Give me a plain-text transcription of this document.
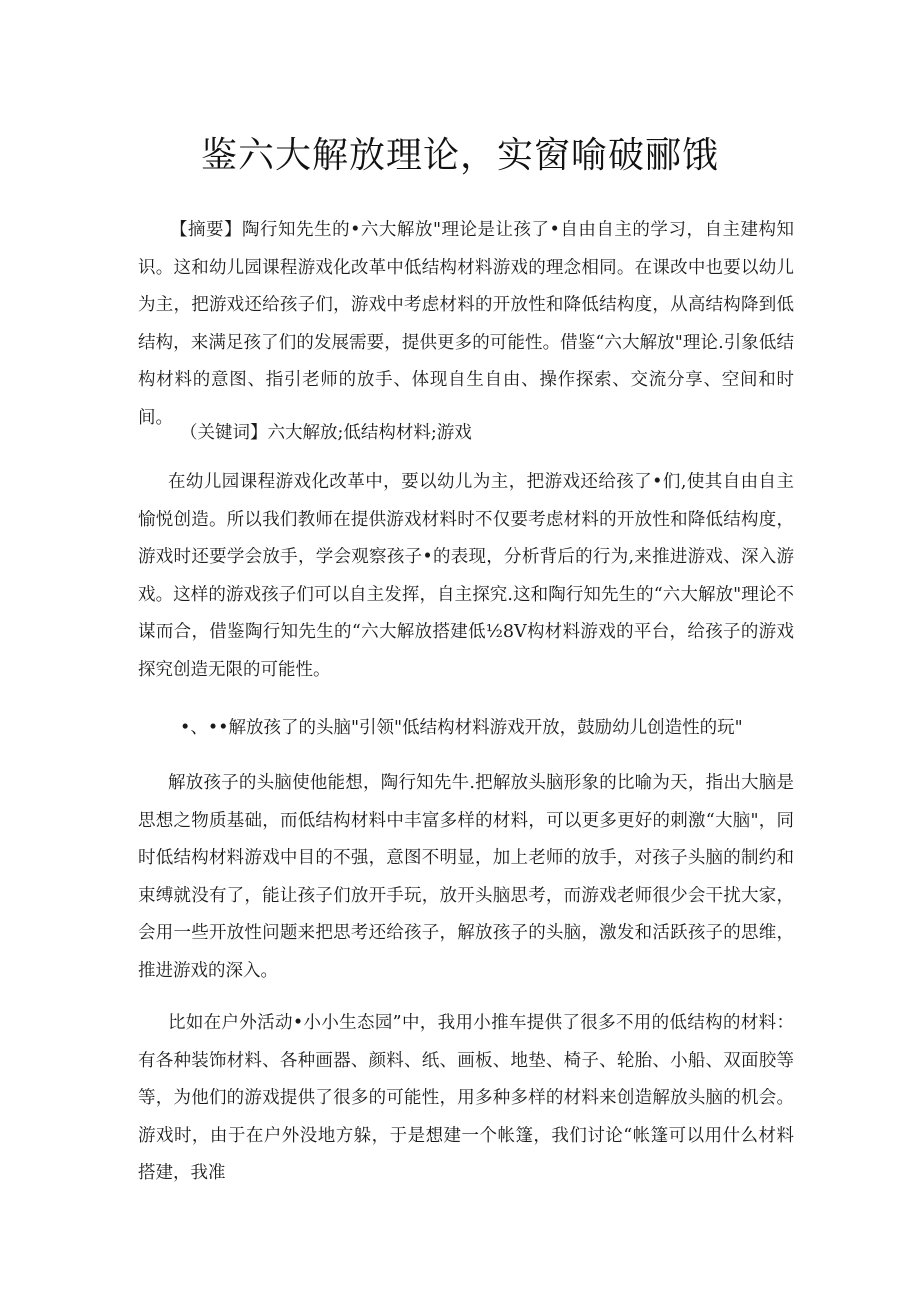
鉴六大解放理论，实窗喻破郦饿

【摘要】陶行知先生的•六大解放"理论是让孩了•自由自主的学习，自主建构知识。这和幼儿园课程游戏化改革中低结构材料游戏的理念相同。在课改中也要以幼儿为主，把游戏还给孩子们，游戏中考虑材料的开放性和降低结构度，从高结构降到低结构，来满足孩了们的发展需要，提供更多的可能性。借鉴“六大解放"理论.引象低结构材料的意图、指引老师的放手、体现自生自由、操作探索、交流分享、空间和时间。

（关键词】六大解放;低结构材料;游戏

在幼儿园课程游戏化改革中，要以幼儿为主，把游戏还给孩了•们,使其自由自主愉悦创造。所以我们教师在提供游戏材料时不仅要考虑材料的开放性和降低结构度，游戏时还要学会放手，学会观察孩子•的表现，分析背后的行为,来推进游戏、深入游戏。这样的游戏孩子们可以自主发挥，自主探究.这和陶行知先生的“六大解放"理论不谋而合，借鉴陶行知先生的“六大解放搭建低½8V构材料游戏的平台，给孩子的游戏探究创造无限的可能性。

•、••解放孩了的头脑"引领"低结构材料游戏开放，鼓励幼儿创造性的玩"

解放孩子的头脑使他能想，陶行知先牛.把解放头脑形象的比喻为天，指出大脑是思想之物质基础，而低结构材料中丰富多样的材料，可以更多更好的刺激“大脑"，同时低结构材料游戏中目的不强，意图不明显，加上老师的放手，对孩子头脑的制约和束缚就没有了，能让孩子们放开手玩，放开头脑思考，而游戏老师很少会干扰大家，会用一些开放性问题来把思考还给孩子，解放孩子的头脑，激发和活跃孩子的思维，推进游戏的深入。

比如在户外活动•小小生态园”中，我用小推车提供了很多不用的低结构的材料：有各种装饰材料、各种画器、颜料、纸、画板、地垫、椅子、轮胎、小船、双面胶等等，为他们的游戏提供了很多的可能性，用多种多样的材料来创造解放头脑的机会。游戏时，由于在户外没地方躲，于是想建一个帐篷，我们讨论“帐篷可以用什么材料搭建，我准
